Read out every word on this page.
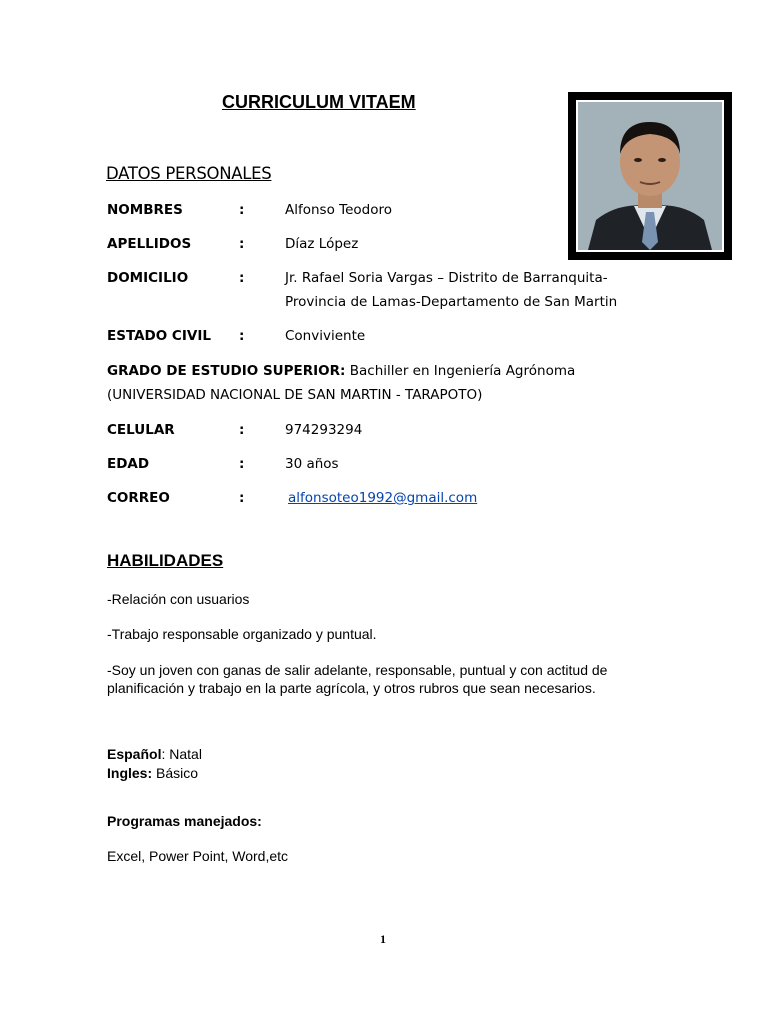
CURRICULUM VITAEM
DATOS PERSONALES
NOMBRES	:	Alfonso Teodoro
APELLIDOS	:	Díaz López
DOMICILIO	:	Jr. Rafael Soria Vargas – Distrito de Barranquita-
Provincia de Lamas-Departamento de San Martin
ESTADO CIVIL :	Conviviente
GRADO DE ESTUDIO SUPERIOR: Bachiller en Ingeniería Agrónoma
(UNIVERSIDAD NACIONAL DE SAN MARTIN - TARAPOTO)
CELULAR	:	974293294
EDAD	:	30 años
CORREO	:	alfonsoteo1992@gmail.com
HABILIDADES
-Relación con usuarios
-Trabajo responsable organizado y puntual.
-Soy un joven con ganas de salir adelante, responsable, puntual y con actitud de
planificación y trabajo en la parte agrícola, y otros rubros que sean necesarios.
Español: Natal
Ingles: Básico
Programas manejados:
Excel, Power Point, Word,etc
1
